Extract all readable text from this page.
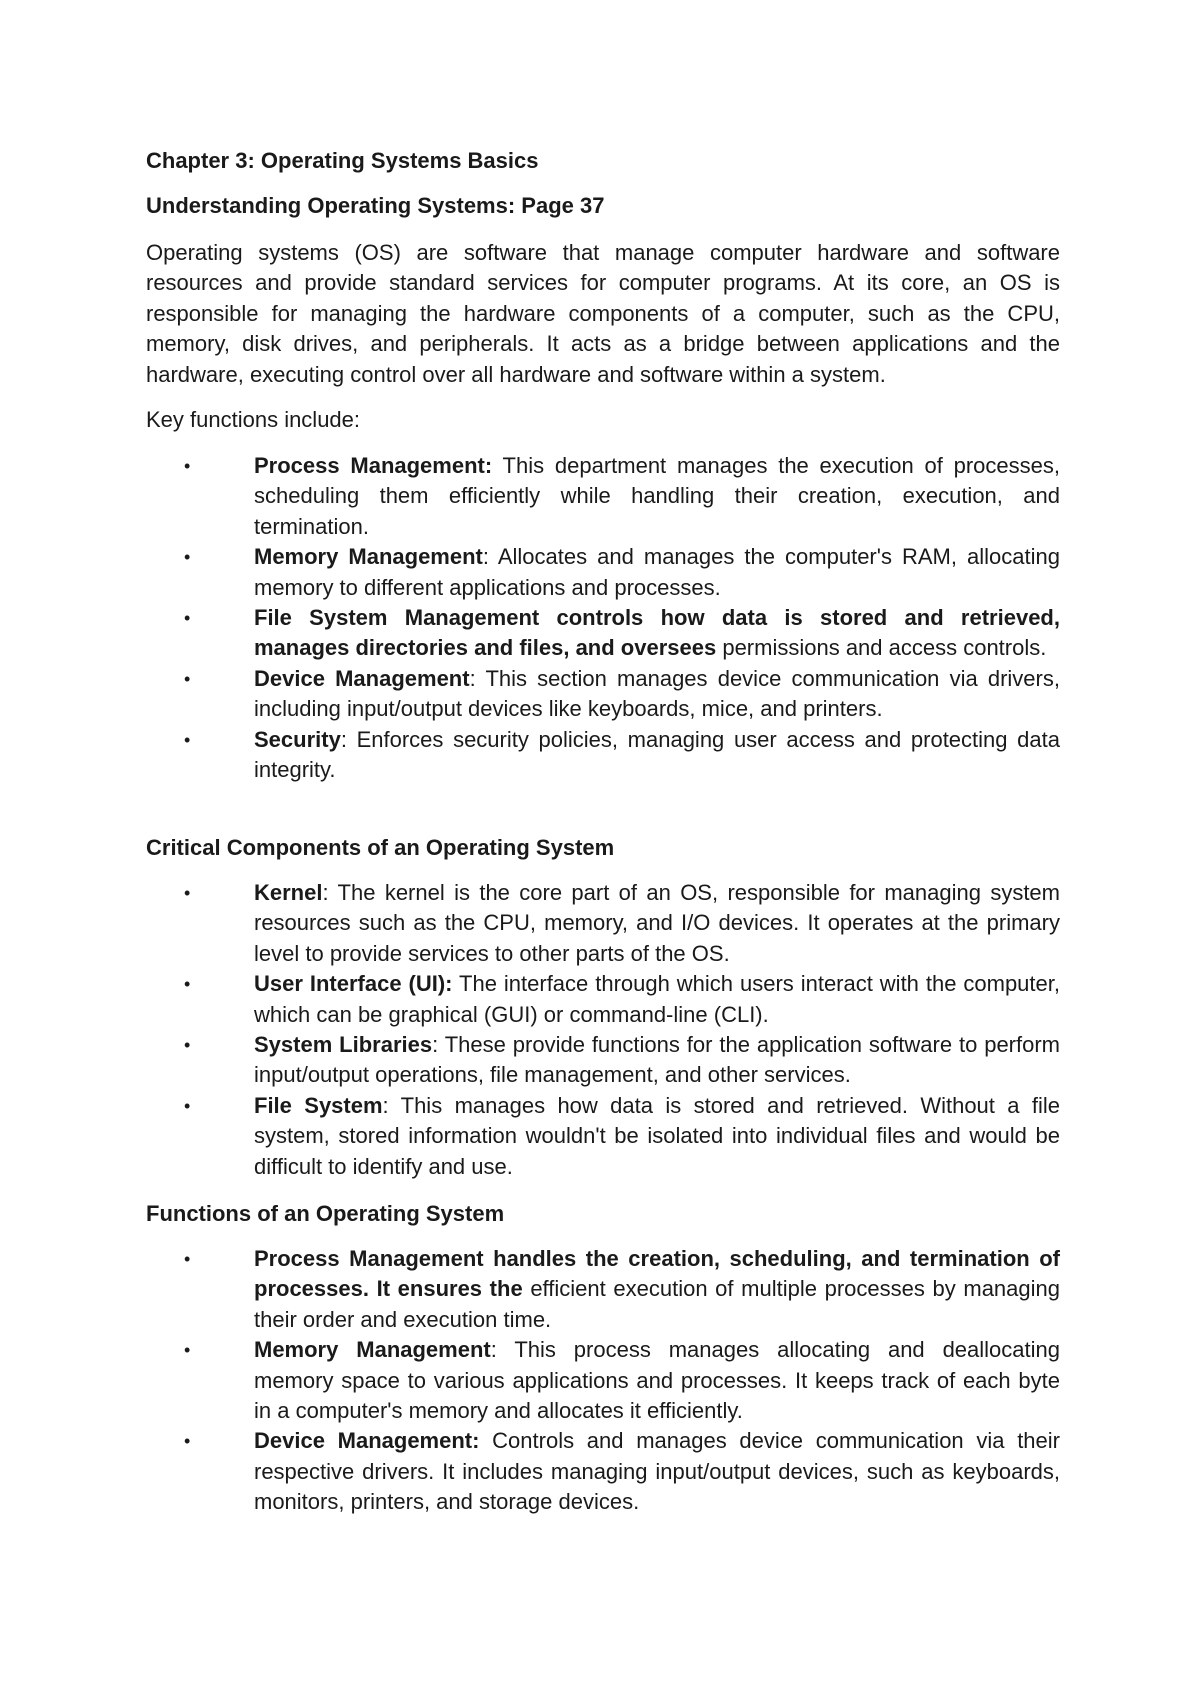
Chapter 3: Operating Systems Basics
Understanding Operating Systems: Page 37
Operating systems (OS) are software that manage computer hardware and software resources and provide standard services for computer programs. At its core, an OS is responsible for managing the hardware components of a computer, such as the CPU, memory, disk drives, and peripherals. It acts as a bridge between applications and the hardware, executing control over all hardware and software within a system.
Key functions include:
•	Process Management: This department manages the execution of processes, scheduling them efficiently while handling their creation, execution, and termination.
•	Memory Management: Allocates and manages the computer's RAM, allocating memory to different applications and processes.
•	File System Management controls how data is stored and retrieved, manages directories and files, and oversees permissions and access controls.
•	Device Management: This section manages device communication via drivers, including input/output devices like keyboards, mice, and printers.
•	Security: Enforces security policies, managing user access and protecting data integrity.
Critical Components of an Operating System
•	Kernel: The kernel is the core part of an OS, responsible for managing system resources such as the CPU, memory, and I/O devices. It operates at the primary level to provide services to other parts of the OS.
•	User Interface (UI): The interface through which users interact with the computer, which can be graphical (GUI) or command-line (CLI).
•	System Libraries: These provide functions for the application software to perform input/output operations, file management, and other services.
•	File System: This manages how data is stored and retrieved. Without a file system, stored information wouldn't be isolated into individual files and would be difficult to identify and use.
Functions of an Operating System
•	Process Management handles the creation, scheduling, and termination of processes. It ensures the efficient execution of multiple processes by managing their order and execution time.
•	Memory Management: This process manages allocating and deallocating memory space to various applications and processes. It keeps track of each byte in a computer's memory and allocates it efficiently.
•	Device Management: Controls and manages device communication via their respective drivers. It includes managing input/output devices, such as keyboards, monitors, printers, and storage devices.
